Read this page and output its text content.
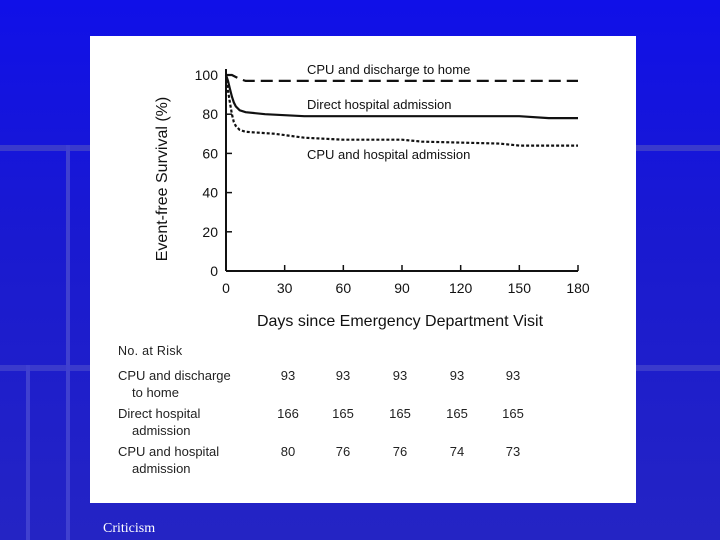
0
20
40
60
80
100
0	30	60	90	120	150	180
CPU and discharge to home
Direct hospital admission
CPU and hospital admission
Event-free Survival (%)
Days since Emergency Department Visit
No. at Risk
CPU and discharge
to home
93	93	93	93	93
Direct hospital
admission
166	165	165	165	165
CPU and hospital
admission
80	76	76	74	73
Criticism
